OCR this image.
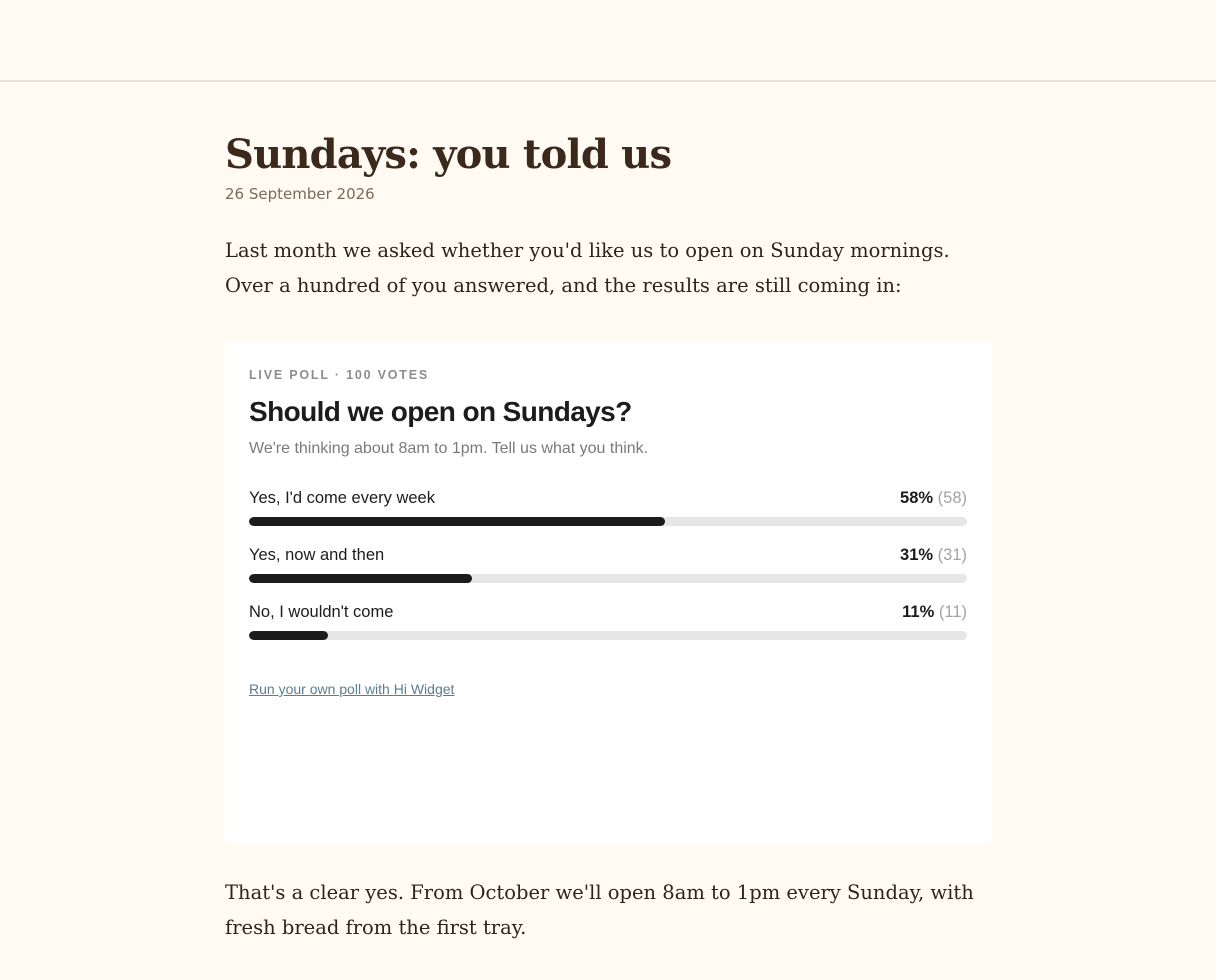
Sundays: you told us
26 September 2026

Last month we asked whether you'd like us to open on Sunday mornings. Over a hundred of you answered, and the results are still coming in:

LIVE POLL · 100 VOTES
Should we open on Sundays?
We're thinking about 8am to 1pm. Tell us what you think.
Yes, I'd come every week	58% (58)
Yes, now and then	31% (31)
No, I wouldn't come	11% (11)
Run your own poll with Hi Widget

That's a clear yes. From October we'll open 8am to 1pm every Sunday, with fresh bread from the first tray.
